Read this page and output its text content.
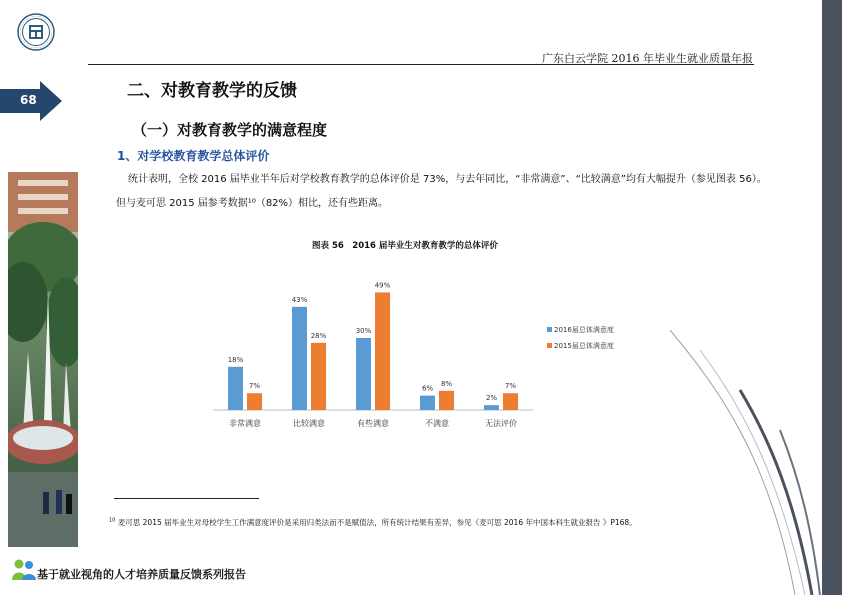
广东白云学院 2016 年毕业生就业质量年报
68	二、对教育教学的反馈
（一）对教育教学的满意程度
1、对学校教育教学总体评价
统计表明，全校 2016 届毕业半年后对学校教育教学的总体评价是 73%，与去年同比，“非常满意”、“比较满意”均有大幅提升（参见图表 56）。但与麦可思 2015 届参考数据¹⁰（82%）相比，还有些距离。
图表 56　2016 届毕业生对教育教学的总体评价
18%
7%
非常满意
43%
28%
比较满意
30%
49%
有些满意
6%
8%
不满意
2%
7%
无法评价
2016届总体满意度
2015届总体满意度
$^{10}$ 麦可思 2015 届毕业生对母校学生工作满意度评价是采用归类法而不是赋值法，所有统计结果有差异，参见《麦可思 2016 年中国本科生就业报告 》P168。
基于就业视角的人才培养质量反馈系列报告
